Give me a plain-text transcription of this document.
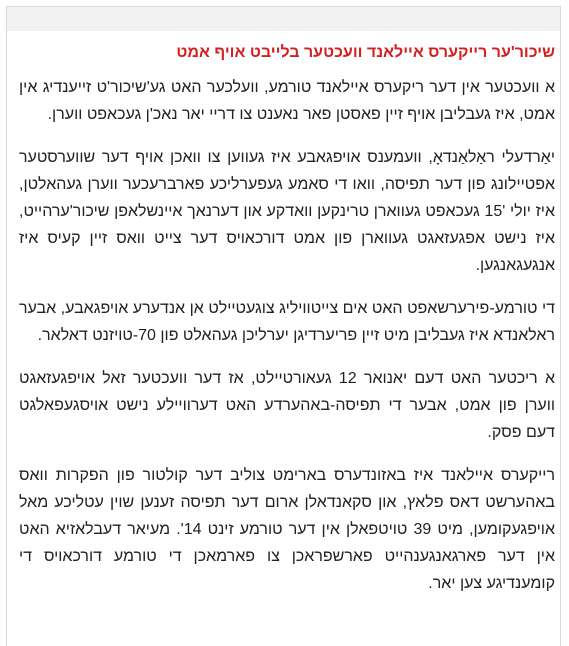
שיכור'ער רייקערס איילאנד וועכטער בלייבט אויף אמט

א וועכטער אין דער ריקערס איילאנד טורמע, וועלכער האט גע'שיכור'ט זייענדיג אין אמט, איז געבליבן אויף זיין פאסטן פאר נאענט צו דריי יאר נאכ'ן געכאפט ווערן.

יאַרדעלי ראַלאַנדאָ, וועמענס אויפגאבע איז געווען צו וואכן אויף דער שווערסטער אפטיילונג פון דער תפיסה, וואו די סאמע געפערליכע פארברעכער ווערן געהאלטן, איז יולי '15 געכאפט געווארן טרינקען וואדקע און דערנאך איינשלאפן שיכור'ערהייט, איז נישט אפגעזאגט געווארן פון אמט דורכאויס דער צייט וואס זיין קעיס איז אנגעגאנגען.

די טורמע-פירערשאפט האט אים צייטוויליג צוגעטיילט אן אנדערע אויפגאבע, אבער ראלאנדא איז געבליבן מיט זיין פריערדיגן יערליכן געהאלט פון 70-טויזנט דאלאר.

א ריכטער האט דעם יאנואר 12 געאורטיילט, אז דער וועכטער זאל אויפגעזאגט ווערן פון אמט, אבער די תפיסה-באהערדע האט דערוויילע נישט אויסגעפאלגט דעם פסק.

רייקערס איילאנד איז באזונדערס בארימט צוליב דער קולטור פון הפקרות וואס באהערשט דאס פלאץ, און סקאנדאלן ארום דער תפיסה זענען שוין עטליכע מאל אויפגעקומען, מיט 39 טויטפאלן אין דער טורמע זינט 14'. מעיאר דעבלאזיא האט אין דער פארגאנגענהייט פארשפראכן צו פארמאכן די טורמע דורכאויס די קומענדיגע צען יאר.
